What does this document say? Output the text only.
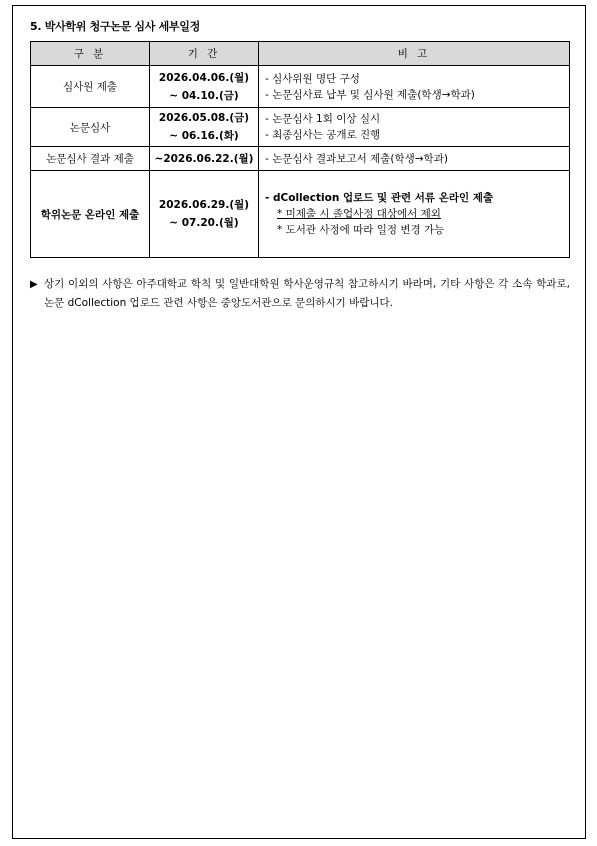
5. 박사학위 청구논문 심사 세부일정
구 분	기 간	비 고
심사원 제출	2026.04.06.(월)
~ 04.10.(금)	- 심사위원 명단 구성
- 논문심사료 납부 및 심사원 제출(학생→학과)

논문심사	2026.05.08.(금)
~ 06.16.(화)	- 논문심사 1회 이상 실시
- 최종심사는 공개로 진행

논문심사 결과 제출	~2026.06.22.(월)	- 논문심사 결과보고서 제출(학생→학과)

학위논문 온라인 제출	2026.06.29.(월)
~ 07.20.(월)	- dCollection 업로드 및 관련 서류 온라인 제출
* 미제출 시 졸업사정 대상에서 제외
* 도서관 사정에 따라 일정 변경 가능
▶ 상기 이외의 사항은 아주대학교 학칙 및 일반대학원 학사운영규칙 참고하시기 바라며, 기타 사항은 각 소속 학과로, 논문 dCollection 업로드 관련 사항은 중앙도서관으로 문의하시기 바랍니다.
